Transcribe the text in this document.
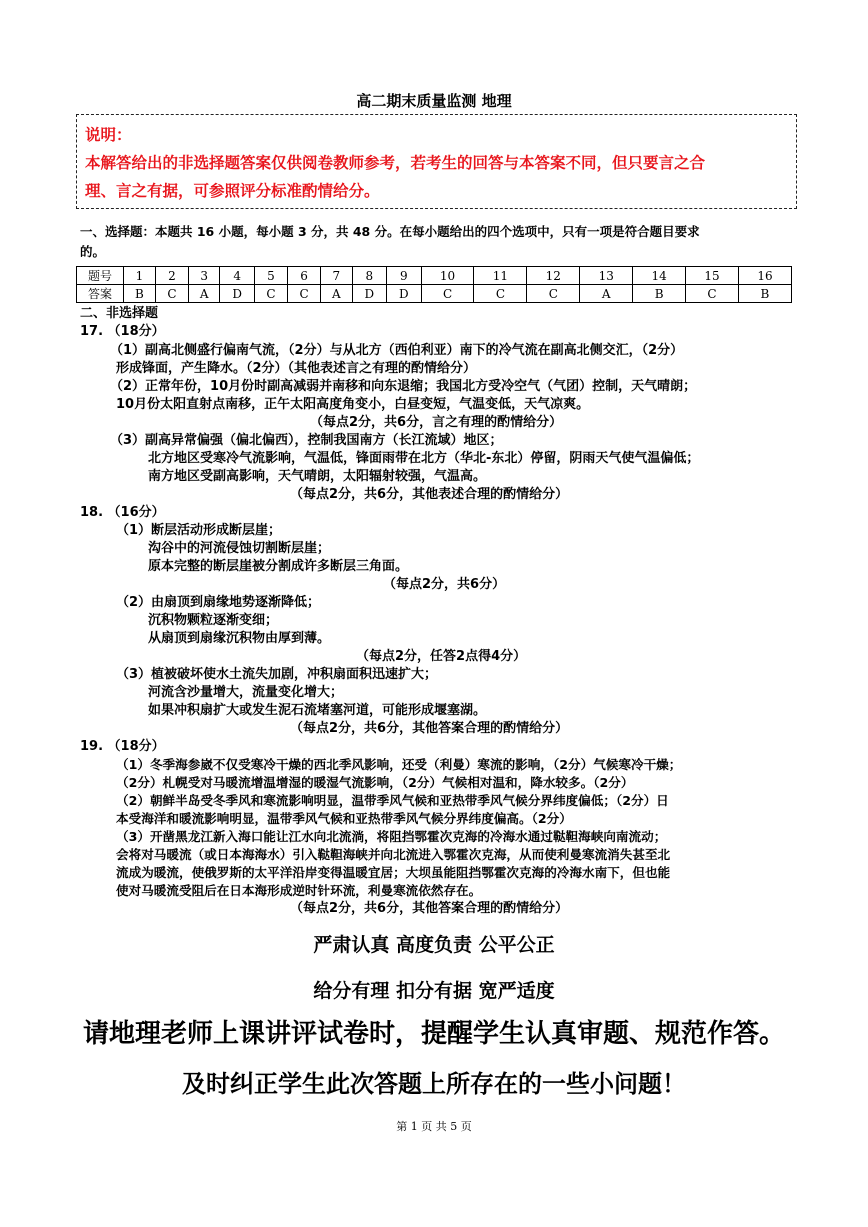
高二期末质量监测 地理
说明：
本解答给出的非选择题答案仅供阅卷教师参考，若考生的回答与本答案不同，但只要言之合
理、言之有据，可参照评分标准酌情给分。
一、选择题：本题共 16 小题，每小题 3 分，共 48 分。在每小题给出的四个选项中，只有一项是符合题目要求
的。
题号	1	2	3	4	5	6	7	8	9	10	11	12	13	14	15	16
答案	B	C	A	D	C	C	A	D	D	C	C	C	A	B	C	B
二、非选择题
17. （18分）
（1）副高北侧盛行偏南气流，（2分）与从北方（西伯利亚）南下的冷气流在副高北侧交汇，（2分）
形成锋面，产生降水。（2分）（其他表述言之有理的酌情给分）
（2）正常年份，10月份时副高减弱并南移和向东退缩；我国北方受冷空气（气团）控制，天气晴朗；
10月份太阳直射点南移，正午太阳高度角变小，白昼变短，气温变低，天气凉爽。
（每点2分，共6分，言之有理的酌情给分）
（3）副高异常偏强（偏北偏西），控制我国南方（长江流域）地区；
北方地区受寒冷气流影响，气温低，锋面雨带在北方（华北-东北）停留，阴雨天气使气温偏低；
南方地区受副高影响，天气晴朗，太阳辐射较强，气温高。
（每点2分，共6分，其他表述合理的酌情给分）
18. （16分）
（1）断层活动形成断层崖；
沟谷中的河流侵蚀切割断层崖；
原本完整的断层崖被分割成许多断层三角面。
（每点2分，共6分）
（2）由扇顶到扇缘地势逐渐降低；
沉积物颗粒逐渐变细；
从扇顶到扇缘沉积物由厚到薄。
（每点2分，任答2点得4分）
（3）植被破坏使水土流失加剧，冲积扇面积迅速扩大；
河流含沙量增大，流量变化增大；
如果冲积扇扩大或发生泥石流堵塞河道，可能形成堰塞湖。
（每点2分，共6分，其他答案合理的酌情给分）
19. （18分）
（1）冬季海参崴不仅受寒冷干燥的西北季风影响，还受（利曼）寒流的影响，（2分）气候寒冷干燥；
（2分）札幌受对马暖流增温增湿的暖湿气流影响，（2分）气候相对温和，降水较多。（2分）
（2）朝鲜半岛受冬季风和寒流影响明显，温带季风气候和亚热带季风气候分界纬度偏低；（2分）日
本受海洋和暖流影响明显，温带季风气候和亚热带季风气候分界纬度偏高。（2分）
（3）开凿黑龙江新入海口能让江水向北流淌，将阻挡鄂霍次克海的冷海水通过鞑靼海峡向南流动；
会将对马暖流（或日本海海水）引入鞑靼海峡并向北流进入鄂霍次克海，从而使利曼寒流消失甚至北
流成为暖流，使俄罗斯的太平洋沿岸变得温暖宜居；大坝虽能阻挡鄂霍次克海的冷海水南下，但也能
使对马暖流受阻后在日本海形成逆时针环流，利曼寒流依然存在。
（每点2分，共6分，其他答案合理的酌情给分）
严肃认真 高度负责 公平公正
给分有理 扣分有据 宽严适度
请地理老师上课讲评试卷时，提醒学生认真审题、规范作答。
及时纠正学生此次答题上所存在的一些小问题！
第 1 页 共 5 页
